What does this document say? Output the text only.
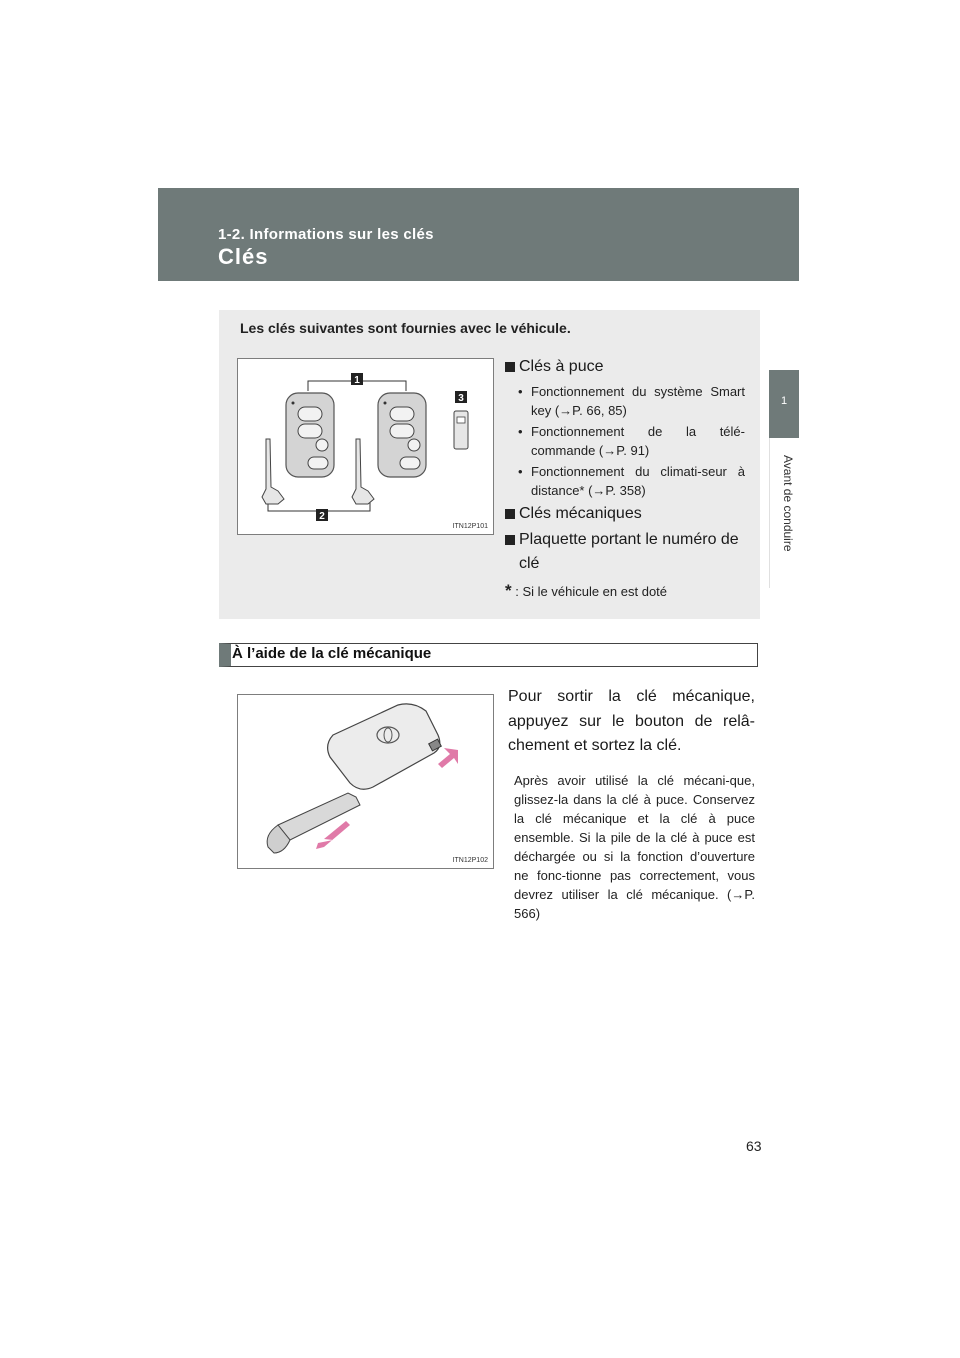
1-2. Informations sur les clés
Clés
1
Avant de conduire
Les clés suivantes sont fournies avec le véhicule.
1
3
2
ITN12P101
Clés à puce
• Fonctionnement du système Smart key (→P. 66, 85)
• Fonctionnement de la télé-commande (→P. 91)
• Fonctionnement du climati-seur à distance* (→P. 358)
Clés mécaniques
Plaquette portant le numéro de clé
* : Si le véhicule en est doté
À l’aide de la clé mécanique
ITN12P102

Pour sortir la clé mécanique, appuyez sur le bouton de relâ-chement et sortez la clé.

Après avoir utilisé la clé mécani-que, glissez-la dans la clé à puce. Conservez la clé mécanique et la clé à puce ensemble. Si la pile de la clé à puce est déchargée ou si la fonction d’ouverture ne fonc-tionne pas correctement, vous devrez utiliser la clé mécanique. (→P. 566)

63
